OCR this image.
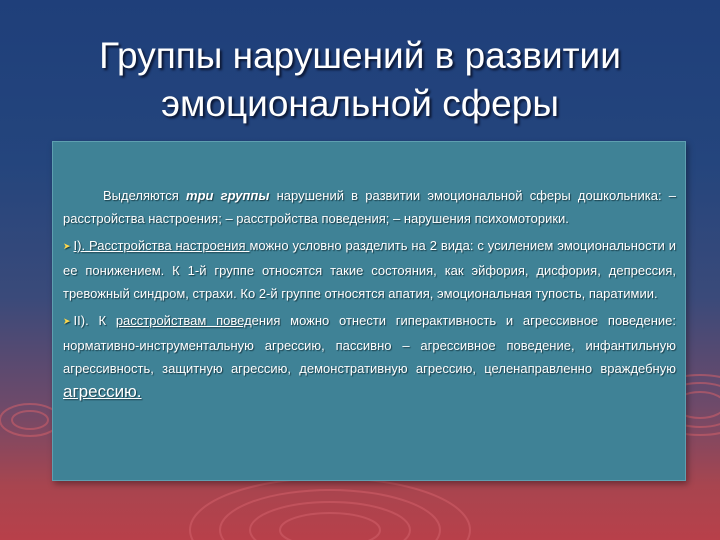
Группы нарушений в развитии
эмоциональной сферы

Выделяются три группы нарушений в развитии эмоциональной сферы дошкольника: – расстройства настроения; – расстройства поведения; – нарушения психомоторики.

➤ I). Расстройства настроения можно условно разделить на 2 вида: с усилением эмоциональности и ее понижением. К 1-й группе относятся такие состояния, как эйфория, дисфория, депрессия, тревожный синдром, страхи. Ко 2-й группе относятся апатия, эмоциональная тупость, паратимии.

➤ II). К расстройствам поведения можно отнести гиперактивность и агрессивное поведение: нормативно-инструментальную агрессию, пассивно – агрессивное поведение, инфантильную агрессивность, защитную агрессию, демонстративную агрессию, целенаправленно враждебную агрессию.
